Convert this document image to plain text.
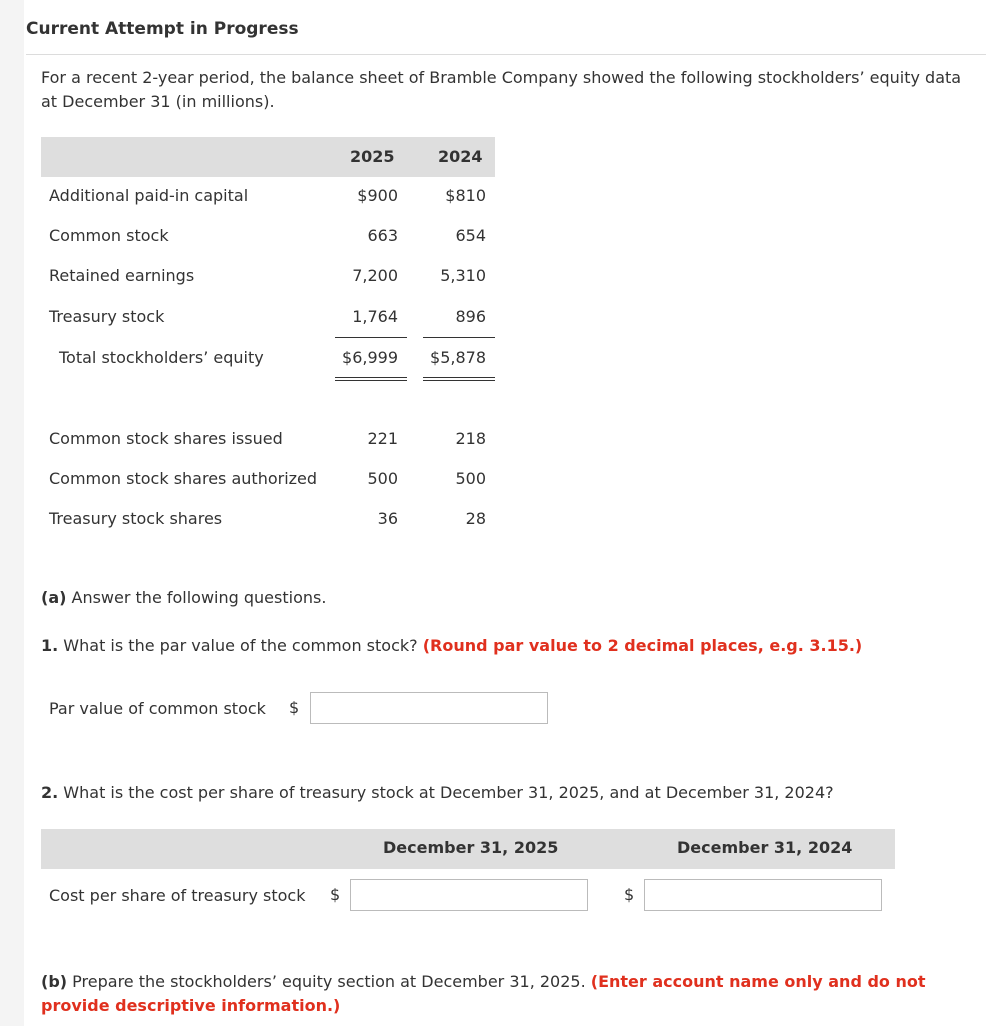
Current Attempt in Progress
For a recent 2-year period, the balance sheet of Bramble Company showed the following stockholders’ equity data at December 31 (in millions).
2025	2024
Additional paid-in capital	$900	$810
Common stock	663	654
Retained earnings	7,200	5,310
Treasury stock	1,764	896
Total stockholders’ equity	$6,999	$5,878
Common stock shares issued	221	218
Common stock shares authorized	500	500
Treasury stock shares	36	28
(a) Answer the following questions.
1. What is the par value of the common stock? (Round par value to 2 decimal places, e.g. 3.15.)
Par value of common stock $
2. What is the cost per share of treasury stock at December 31, 2025, and at December 31, 2024?
December 31, 2025	December 31, 2024
Cost per share of treasury stock $	$
(b) Prepare the stockholders’ equity section at December 31, 2025. (Enter account name only and do not provide descriptive information.)
